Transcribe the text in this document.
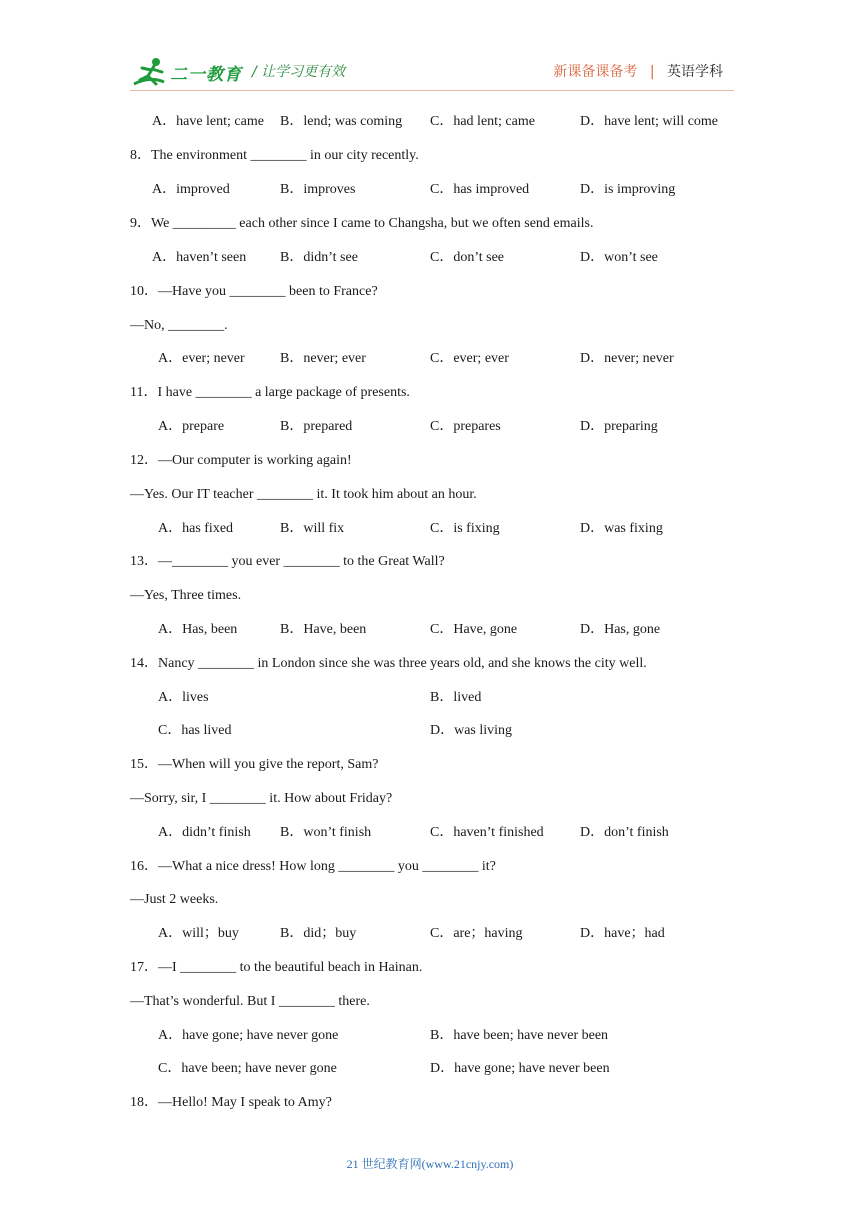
二一教育 / 让学习更有效	新课备课备考 | 英语学科
A．have lent; came B．lend; was coming C．had lent; came	D．have lent; will come
8．The environment ________ in our city recently.
A．improved	B．improves	C．has improved	D．is improving
9．We _________ each other since I came to Changsha, but we often send emails.
A．haven’t seen B．didn’t see	C．don’t see	D．won’t see
10．—Have you ________ been to France?
—No, ________.
A．ever; never	B．never; ever	C．ever; ever	D．never; never
11．I have ________ a large package of presents.
A．prepare	B．prepared	C．prepares	D．preparing
12．—Our computer is working again!
—Yes. Our IT teacher ________ it. It took him about an hour.
A．has fixed	B．will fix	C．is fixing	D．was fixing
13．—________ you ever ________ to the Great Wall?
—Yes, Three times.
A．Has, been	B．Have, been	C．Have, gone	D．Has, gone
14．Nancy ________ in London since she was three years old, and she knows the city well.
A．lives	B．lived
C．has lived	D．was living
15．—When will you give the report, Sam?
—Sorry, sir, I ________ it. How about Friday?
A．didn’t finish B．won’t finish	C．haven’t finished	D．don’t finish
16．—What a nice dress! How long ________ you ________ it?
—Just 2 weeks.
A．will；buy	B．did；buy	C．are；having	D．have；had
17．—I ________ to the beautiful beach in Hainan.
—That’s wonderful. But I ________ there.
A．have gone; have never gone	B．have been; have never been
C．have been; have never gone	D．have gone; have never been
18．—Hello! May I speak to Amy?
21 世纪教育网(www.21cnjy.com)
